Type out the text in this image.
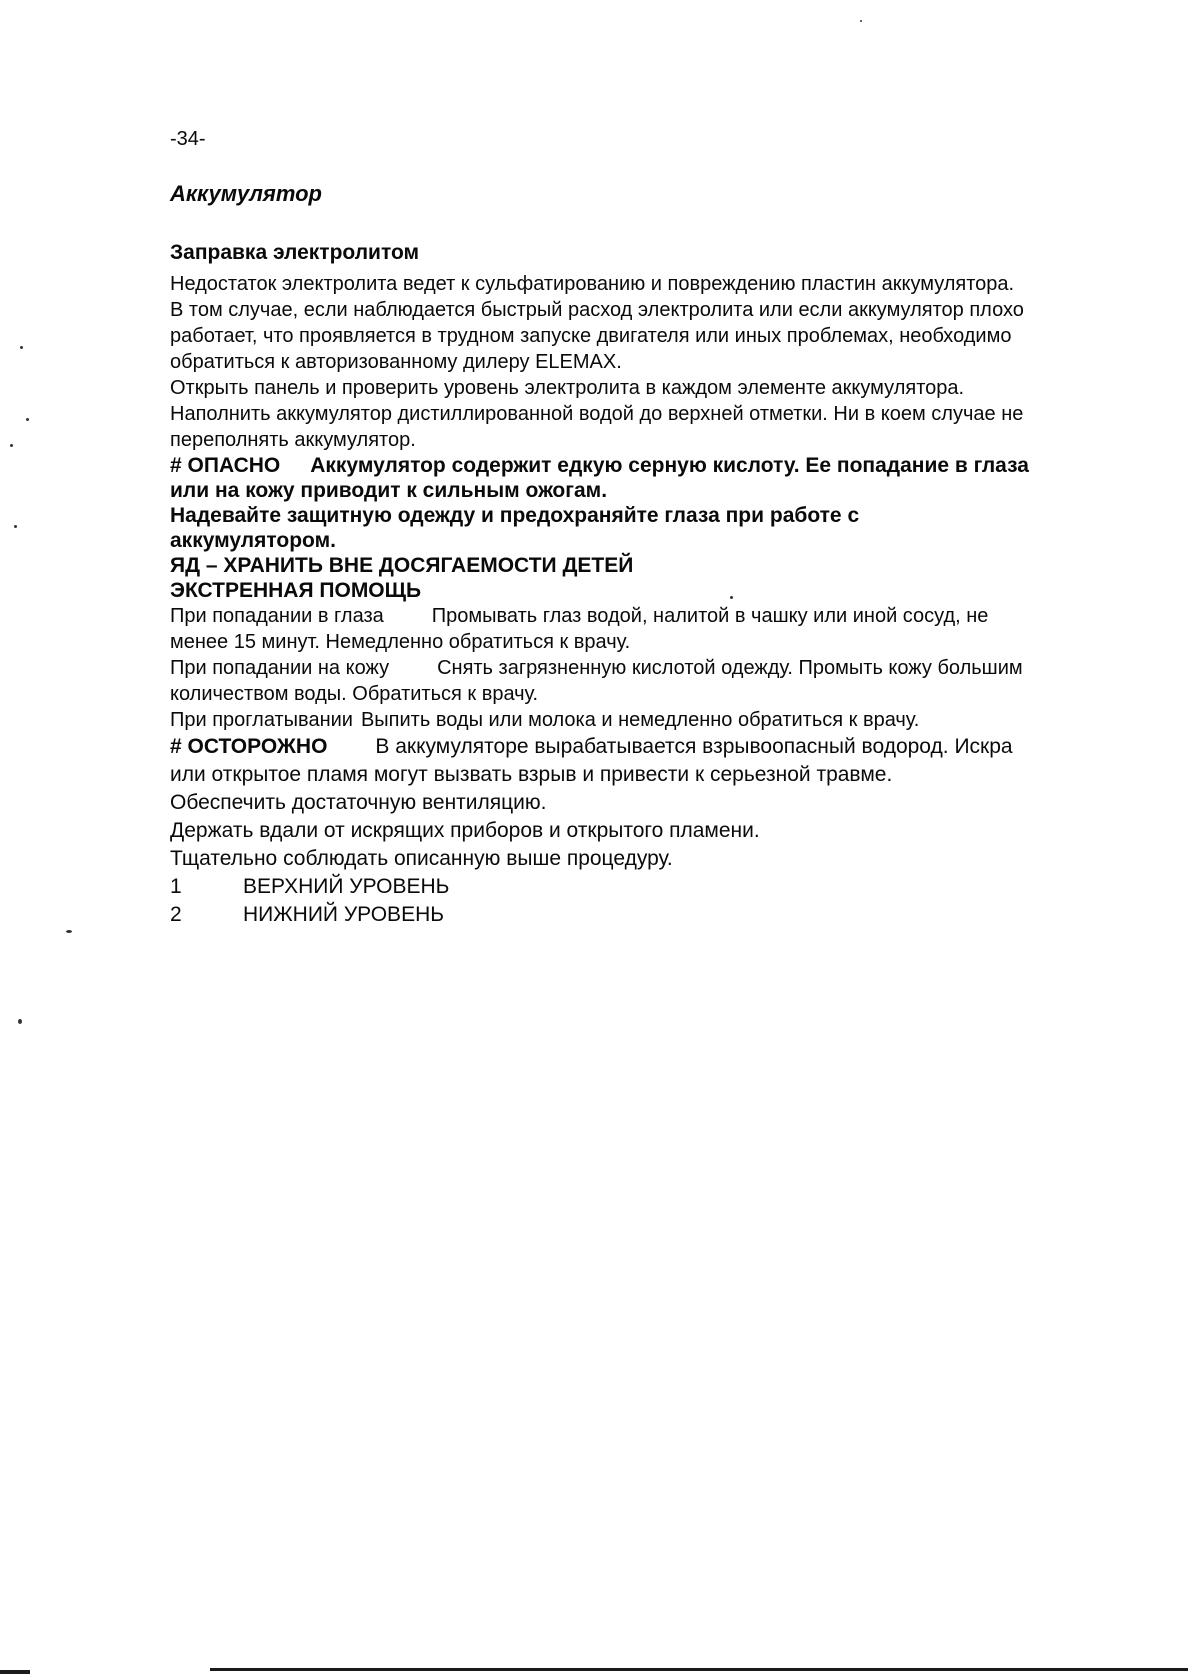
-34-
Аккумулятор
Заправка электролитом

Недостаток электролита ведет к сульфатированию и повреждению пластин аккумулятора.

В том случае, если наблюдается быстрый расход электролита или если аккумулятор плохо работает, что проявляется в трудном запуске двигателя или иных проблемах, необходимо обратиться к авторизованному дилеру ELEMAX.

Открыть панель и проверить уровень электролита в каждом элементе аккумулятора. Наполнить аккумулятор дистиллированной водой до верхней отметки. Ни в коем случае не переполнять аккумулятор.

# ОПАСНО Аккумулятор содержит едкую серную кислоту. Ее попадание в глаза или на кожу приводит к сильным ожогам.

Надевайте защитную одежду и предохраняйте глаза при работе с аккумулятором.

ЯД – ХРАНИТЬ ВНЕ ДОСЯГАЕМОСТИ ДЕТЕЙ

ЭКСТРЕННАЯ ПОМОЩЬ

При попадании в глаза Промывать глаз водой, налитой в чашку или иной сосуд, не менее 15 минут. Немедленно обратиться к врачу.

При попадании на кожу Снять загрязненную кислотой одежду. Промыть кожу большим количеством воды. Обратиться к врачу.

При проглатывании Выпить воды или молока и немедленно обратиться к врачу.

# ОСТОРОЖНО В аккумуляторе вырабатывается взрывоопасный водород. Искра или открытое пламя могут вызвать взрыв и привести к серьезной травме.

Обеспечить достаточную вентиляцию.

Держать вдали от искрящих приборов и открытого пламени.

Тщательно соблюдать описанную выше процедуру.

1	ВЕРХНИЙ УРОВЕНЬ
2	НИЖНИЙ УРОВЕНЬ
